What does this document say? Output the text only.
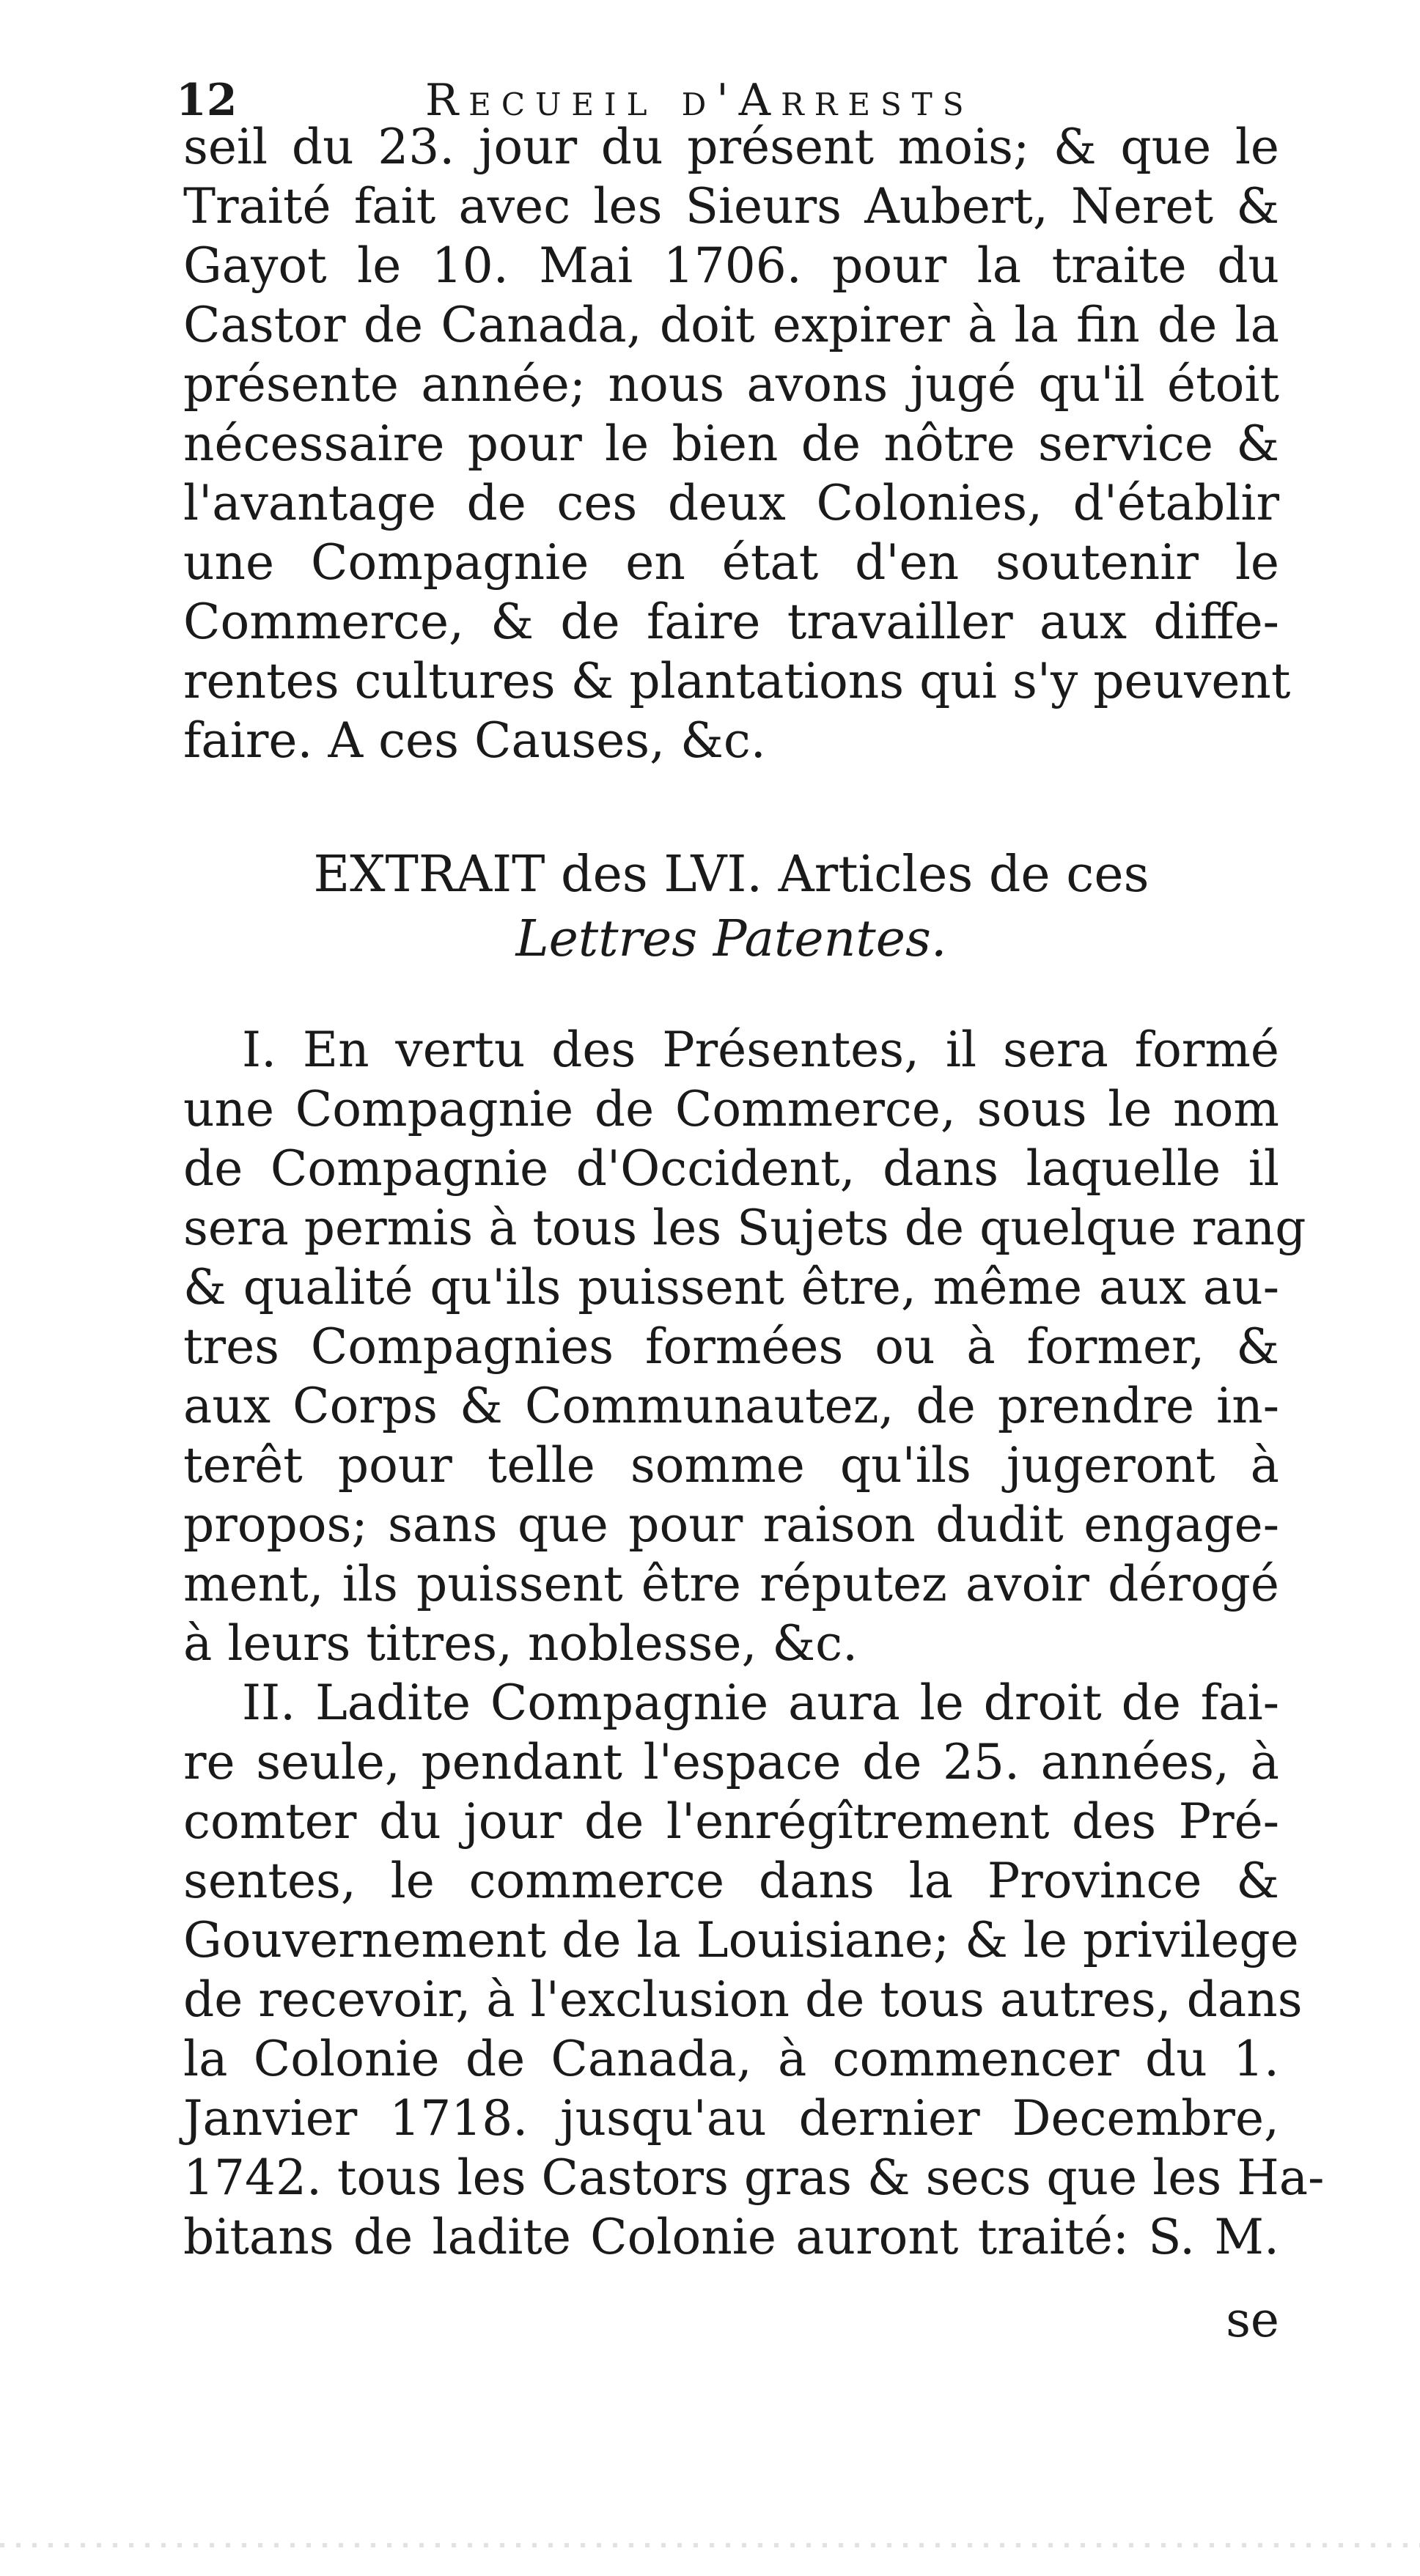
12	Recueil d'Arrests
seil du 23. jour du présent mois; & que le
Traité fait avec les Sieurs Aubert, Neret &
Gayot le 10. Mai 1706. pour la traite du
Castor de Canada, doit expirer à la fin de la
présente année; nous avons jugé qu'il étoit
nécessaire pour le bien de nôtre service &
l'avantage de ces deux Colonies, d'établir
une Compagnie en état d'en soutenir le
Commerce, & de faire travailler aux diffe-
rentes cultures & plantations qui s'y peuvent
faire. A ces Causes, &c.
EXTRAIT des LVI. Articles de ces
Lettres Patentes.
I. En vertu des Présentes, il sera formé
une Compagnie de Commerce, sous le nom
de Compagnie d'Occident, dans laquelle il
sera permis à tous les Sujets de quelque rang
& qualité qu'ils puissent être, même aux au-
tres Compagnies formées ou à former, &
aux Corps & Communautez, de prendre in-
terêt pour telle somme qu'ils jugeront à
propos; sans que pour raison dudit engage-
ment, ils puissent être réputez avoir dérogé
à leurs titres, noblesse, &c.
II. Ladite Compagnie aura le droit de fai-
re seule, pendant l'espace de 25. années, à
comter du jour de l'enrégîtrement des Pré-
sentes, le commerce dans la Province &
Gouvernement de la Louisiane; & le privilege
de recevoir, à l'exclusion de tous autres, dans
la Colonie de Canada, à commencer du 1.
Janvier 1718. jusqu'au dernier Decembre,
1742. tous les Castors gras & secs que les Ha-
bitans de ladite Colonie auront traité: S. M.
se
